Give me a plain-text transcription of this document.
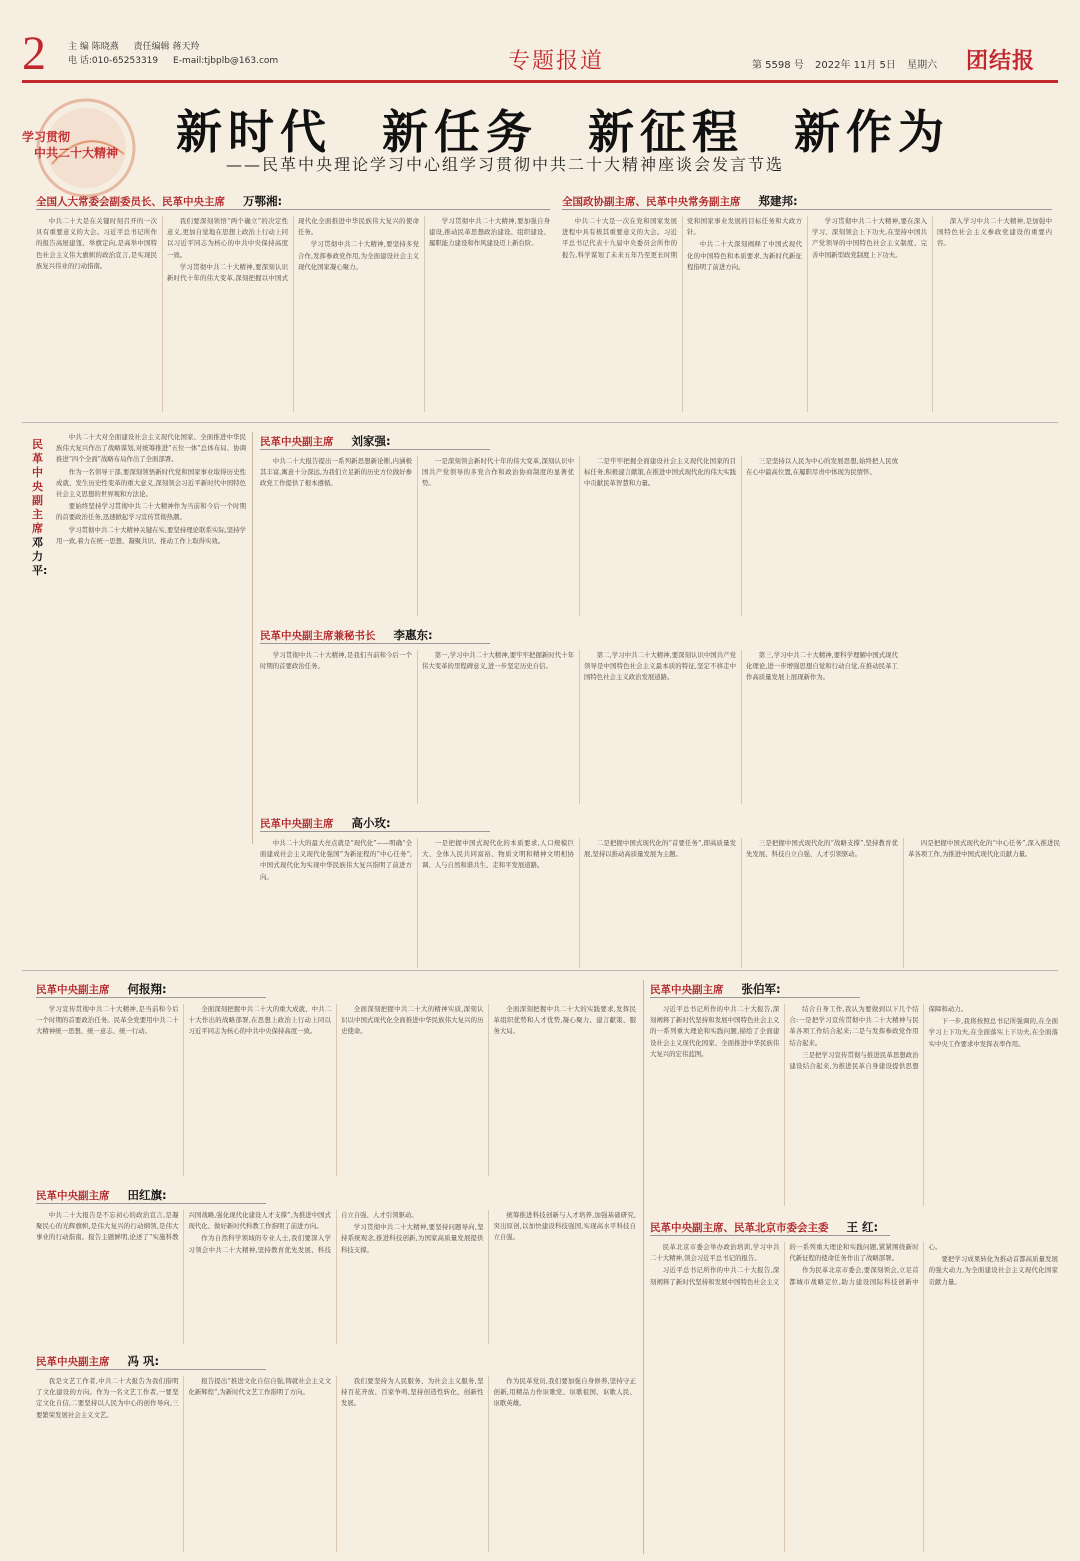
2 主 编 陈晓燕 责任编辑 蒋天羚
电 话:010-65253319 E-mail:tjbplb@163.com	专题报道	第 5598 号 2022年 11月 5日 星期六	团结报
学习贯彻
中共二十大精神 新时代 新任务 新征程 新作为
——民革中央理论学习中心组学习贯彻中共二十大精神座谈会发言节选
全国人大常委会副委员长、民革中央主席 万鄂湘:

中共二十大是在关键时刻召开的一次具有重要意义的大会。习近平总书记所作的报告高屋建瓴、举旗定向,是高举中国特色社会主义伟大旗帜的政治宣言,是实现民族复兴伟业的行动指南。

我们要深刻领悟“两个确立”的决定性意义,更加自觉地在思想上政治上行动上同以习近平同志为核心的中共中央保持高度一致。

学习贯彻中共二十大精神,要深刻认识新时代十年的伟大变革,深刻把握以中国式现代化全面推进中华民族伟大复兴的使命任务。

学习贯彻中共二十大精神,要坚持多党合作,发挥参政党作用,为全面建设社会主义现代化国家凝心聚力。

学习贯彻中共二十大精神,要加强自身建设,推动民革思想政治建设、组织建设、履职能力建设和作风建设迈上新台阶。

全国政协副主席、民革中央常务副主席 郑建邦:

中共二十大是一次在党和国家发展进程中具有极其重要意义的大会。习近平总书记代表十九届中央委员会所作的报告,科学谋划了未来五年乃至更长时期党和国家事业发展的目标任务和大政方针。

中共二十大深刻阐释了中国式现代化的中国特色和本质要求,为新时代新征程指明了前进方向。

学习贯彻中共二十大精神,要在深入学习、深刻领会上下功夫,在坚持中国共产党领导的中国特色社会主义制度、完善中国新型政党制度上下功夫。

深入学习中共二十大精神,是加强中国特色社会主义参政党建设的重要内容。

民革中央副主席邓力平:

中共二十大对全面建设社会主义现代化国家、全面推进中华民族伟大复兴作出了战略谋划,对统筹推进“五位一体”总体布局、协调推进“四个全面”战略布局作出了全面部署。

作为一名领导干部,要深刻领悟新时代党和国家事业取得历史性成就、发生历史性变革的重大意义,深刻领会习近平新时代中国特色社会主义思想的世界观和方法论。

要始终坚持学习贯彻中共二十大精神作为当前和今后一个时期的首要政治任务,迅速掀起学习宣传贯彻热潮。

学习贯彻中共二十大精神关键在实,要坚持理论联系实际,坚持学用一致,着力在统一思想、凝聚共识、推动工作上取得实效。

民革中央副主席 刘家强:

中共二十大报告提出一系列新思想新论断,内涵极其丰富,寓意十分深远,为我们立足新的历史方位做好参政党工作提供了根本遵循。

一是深刻领会新时代十年的伟大变革,深刻认识中国共产党领导的多党合作和政治协商制度的显著优势。

二是牢牢把握全面建设社会主义现代化国家的目标任务,积极建言献策,在推进中国式现代化的伟大实践中贡献民革智慧和力量。

三是坚持以人民为中心的发展思想,始终把人民放在心中最高位置,在履职尽责中体现为民情怀。

民革中央副主席兼秘书长 李惠东:

学习贯彻中共二十大精神,是我们当前和今后一个时期的首要政治任务。

第一,学习中共二十大精神,要牢牢把握新时代十年伟大变革的里程碑意义,进一步坚定历史自信。

第二,学习中共二十大精神,要深刻认识中国共产党领导是中国特色社会主义最本质的特征,坚定不移走中国特色社会主义政治发展道路。

第三,学习中共二十大精神,要科学理解中国式现代化理论,进一步增强思想自觉和行动自觉,在推动民革工作高质量发展上展现新作为。

民革中央副主席 高小玫:

中共二十大的最大亮点就是“现代化”——明确“全面建成社会主义现代化强国”为新征程的“中心任务”,中国式现代化为实现中华民族伟大复兴指明了前进方向。

一是把握中国式现代化的本质要求,人口规模巨大、全体人民共同富裕、物质文明和精神文明相协调、人与自然和谐共生、走和平发展道路。

二是把握中国式现代化的“首要任务”,即高质量发展,坚持以推动高质量发展为主题。

三是把握中国式现代化的“战略支撑”,坚持教育优先发展、科技自立自强、人才引领驱动。

四是把握中国式现代化的“中心任务”,深入推进民革各项工作,为推进中国式现代化贡献力量。

民革中央副主席 何报翔:

学习宣传贯彻中共二十大精神,是当前和今后一个时期的首要政治任务。民革全党要用中共二十大精神统一思想、统一意志、统一行动。

全面深刻把握中共二十大的重大成就、中共二十大作出的战略部署,在思想上政治上行动上同以习近平同志为核心的中共中央保持高度一致。

全面深刻把握中共二十大的精神实质,深刻认识以中国式现代化全面推进中华民族伟大复兴的历史使命。

全面深刻把握中共二十大的实践要求,发挥民革组织优势和人才优势,凝心聚力、建言献策、服务大局。

民革中央副主席 张伯军:

习近平总书记所作的中共二十大报告,深刻阐释了新时代坚持和发展中国特色社会主义的一系列重大理论和实践问题,描绘了全面建设社会主义现代化国家、全面推进中华民族伟大复兴的宏伟蓝图。

结合自身工作,我认为要做到以下几个结合:一是把学习宣传贯彻中共二十大精神与民革各项工作结合起来;二是与发挥参政党作用结合起来。

三是把学习宣传贯彻与推进民革思想政治建设结合起来,为推进民革自身建设提供思想保障和动力。

下一步,我将按照总书记所强调的,在全面学习上下功夫,在全面落实上下功夫,在全面落实中央工作要求中发挥表率作用。

民革中央副主席 田红旗:

中共二十大报告是不忘初心的政治宣言,是凝聚民心的光辉旗帜,是伟大复兴的行动纲领,是伟大事业的行动指南。报告主题鲜明,论述了“实施科教兴国战略,强化现代化建设人才支撑”,为推进中国式现代化、做好新时代科教工作指明了前进方向。

作为自然科学领域的专业人士,我们要深入学习领会中共二十大精神,坚持教育优先发展、科技自立自强、人才引领驱动。

学习贯彻中共二十大精神,要坚持问题导向,坚持系统观念,推进科技创新,为国家高质量发展提供科技支撑。

统筹推进科技创新与人才培养,加强基础研究,突出原创,以加快建设科技强国,实现高水平科技自立自强。

民革中央副主席、民革北京市委会主委 王 红:

民革北京市委会举办政治培训,学习中共二十大精神,领会习近平总书记的报告。

习近平总书记所作的中共二十大报告,深刻阐释了新时代坚持和发展中国特色社会主义的一系列重大理论和实践问题,紧紧围绕新时代新征程的使命任务作出了战略部署。

作为民革北京市委会,要深刻领会,立足首都城市战略定位,助力建设国际科技创新中心。

要把学习成果转化为推动首都高质量发展的强大动力,为全面建设社会主义现代化国家贡献力量。

民革中央副主席 冯 巩:

我是文艺工作者,中共二十大报告为我们指明了文化建设的方向。作为一名文艺工作者,一要坚定文化自信,二要坚持以人民为中心的创作导向,三要繁荣发展社会主义文艺。

报告提出“推进文化自信自强,铸就社会主义文化新辉煌”,为新时代文艺工作指明了方向。

我们要坚持为人民服务、为社会主义服务,坚持百花齐放、百家争鸣,坚持创造性转化、创新性发展。

作为民革党员,我们要加强自身修养,坚持守正创新,用精品力作讴歌党、讴歌祖国、讴歌人民、讴歌英雄。
